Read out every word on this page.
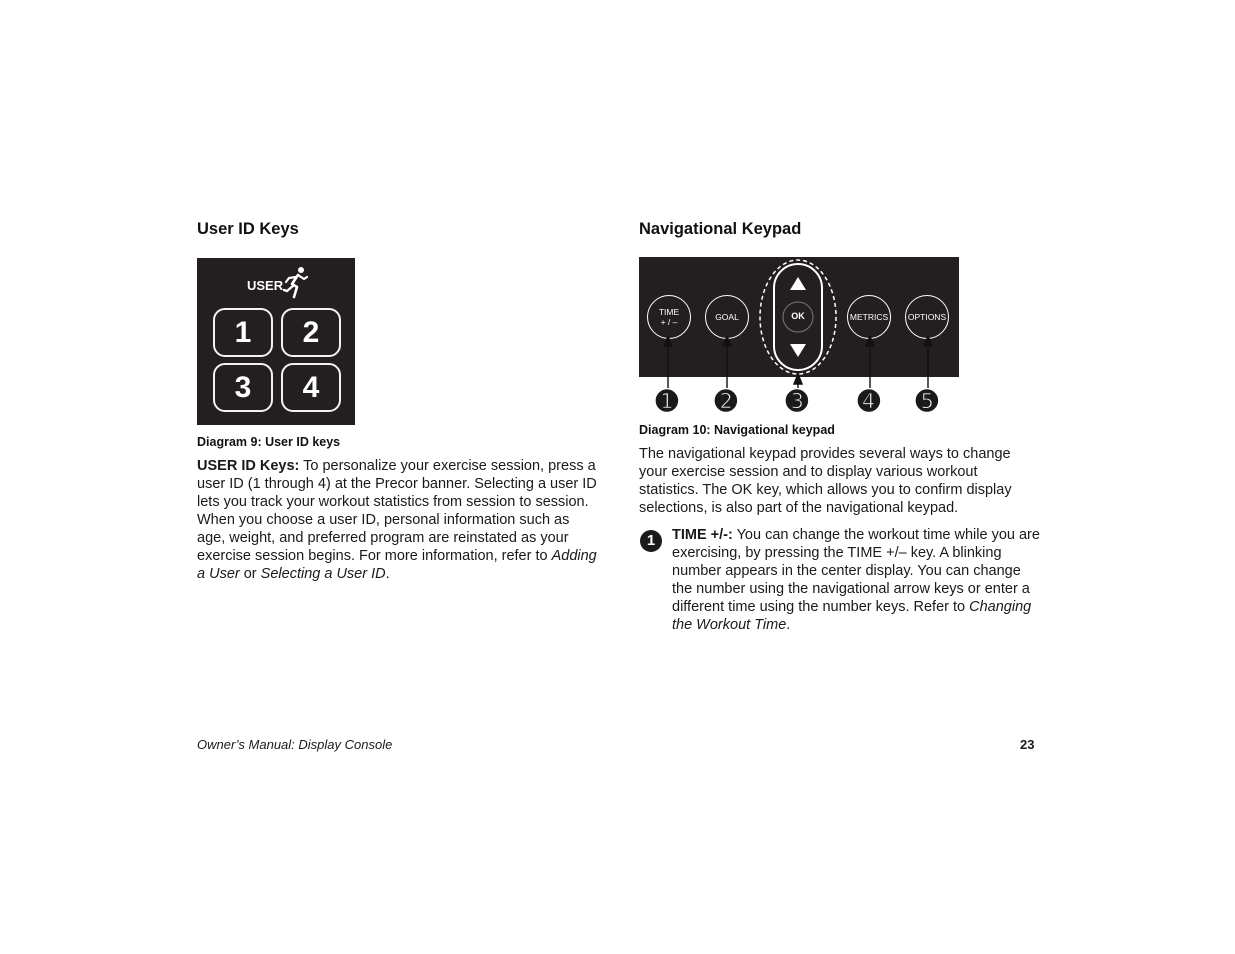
User ID Keys
USER
1	2
3	4
Diagram 9: User ID keys
USER ID Keys: To personalize your exercise session, press a user ID (1 through 4) at the Precor banner. Selecting a user ID lets you track your workout statistics from session to session. When you choose a user ID, personal information such as age, weight, and preferred program are reinstated as your exercise session begins. For more information, refer to Adding a User or Selecting a User ID.
Navigational Keypad
TIME
+ / –	GOAL	OK	METRICS OPTIONS
➊ ➋ ➌ ➍ ➎
Diagram 10: Navigational keypad
The navigational keypad provides several ways to change your exercise session and to display various workout statistics. The OK key, which allows you to confirm display selections, is also part of the navigational keypad.
1	TIME +/-: You can change the workout time while you are exercising, by pressing the TIME +/– key. A blinking number appears in the center display. You can change the number using the navigational arrow keys or enter a different time using the number keys. Refer to Changing the Workout Time.
Owner’s Manual: Display Console	23
